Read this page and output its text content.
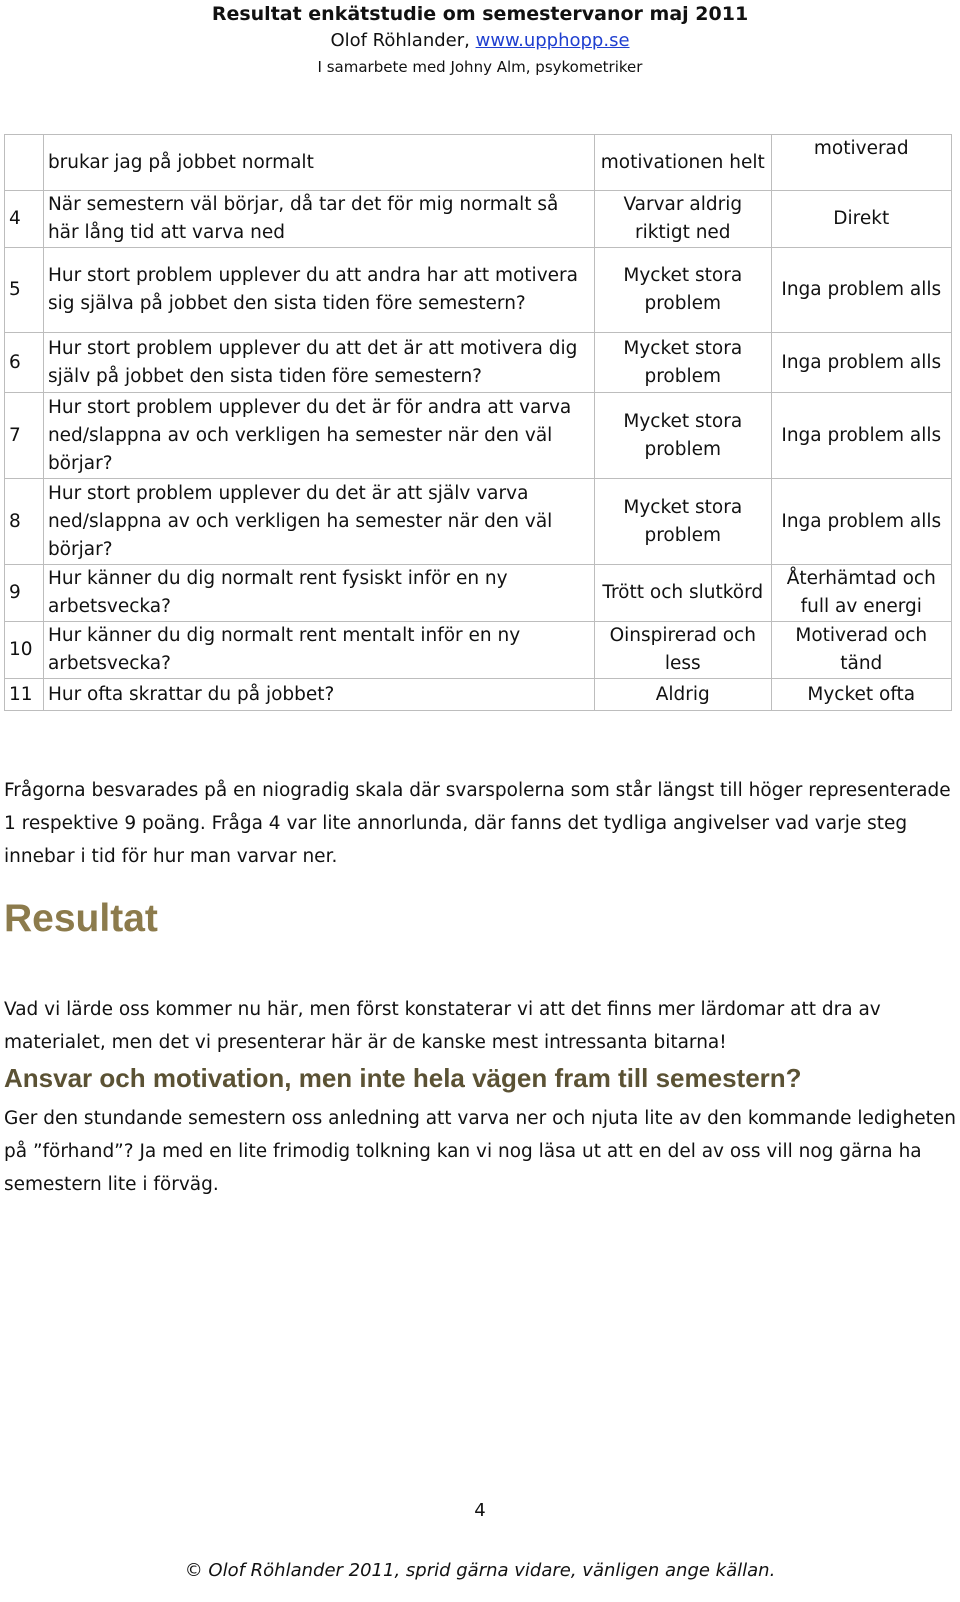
Resultat enkätstudie om semestervanor maj 2011
Olof Röhlander, www.upphopp.se
I samarbete med Johny Alm, psykometriker
	brukar jag på jobbet normalt	motivationen helt	motiverad
4	När semestern väl börjar, då tar det för mig normalt så här lång tid att varva ned	Varvar aldrig riktigt ned	Direkt
5	Hur stort problem upplever du att andra har att motivera sig själva på jobbet den sista tiden före semestern?	Mycket stora problem	Inga problem alls
6	Hur stort problem upplever du att det är att motivera dig själv på jobbet den sista tiden före semestern?	Mycket stora problem	Inga problem alls
7	Hur stort problem upplever du det är för andra att varva ned/slappna av och verkligen ha semester när den väl börjar?	Mycket stora problem	Inga problem alls
8	Hur stort problem upplever du det är att själv varva ned/slappna av och verkligen ha semester när den väl börjar?	Mycket stora problem	Inga problem alls
9	Hur känner du dig normalt rent fysiskt inför en ny arbetsvecka?	Trött och slutkörd	Återhämtad och full av energi
10	Hur känner du dig normalt rent mentalt inför en ny arbetsvecka?	Oinspirerad och less	Motiverad och tänd
11	Hur ofta skrattar du på jobbet?	Aldrig	Mycket ofta

Frågorna besvarades på en niogradig skala där svarspolerna som står längst till höger representerade 1 respektive 9 poäng. Fråga 4 var lite annorlunda, där fanns det tydliga angivelser vad varje steg innebar i tid för hur man varvar ner.

Resultat

Vad vi lärde oss kommer nu här, men först konstaterar vi att det finns mer lärdomar att dra av materialet, men det vi presenterar här är de kanske mest intressanta bitarna!

Ansvar och motivation, men inte hela vägen fram till semestern?

Ger den stundande semestern oss anledning att varva ner och njuta lite av den kommande ledigheten på ”förhand”? Ja med en lite frimodig tolkning kan vi nog läsa ut att en del av oss vill nog gärna ha semestern lite i förväg.

4
© Olof Röhlander 2011, sprid gärna vidare, vänligen ange källan.
